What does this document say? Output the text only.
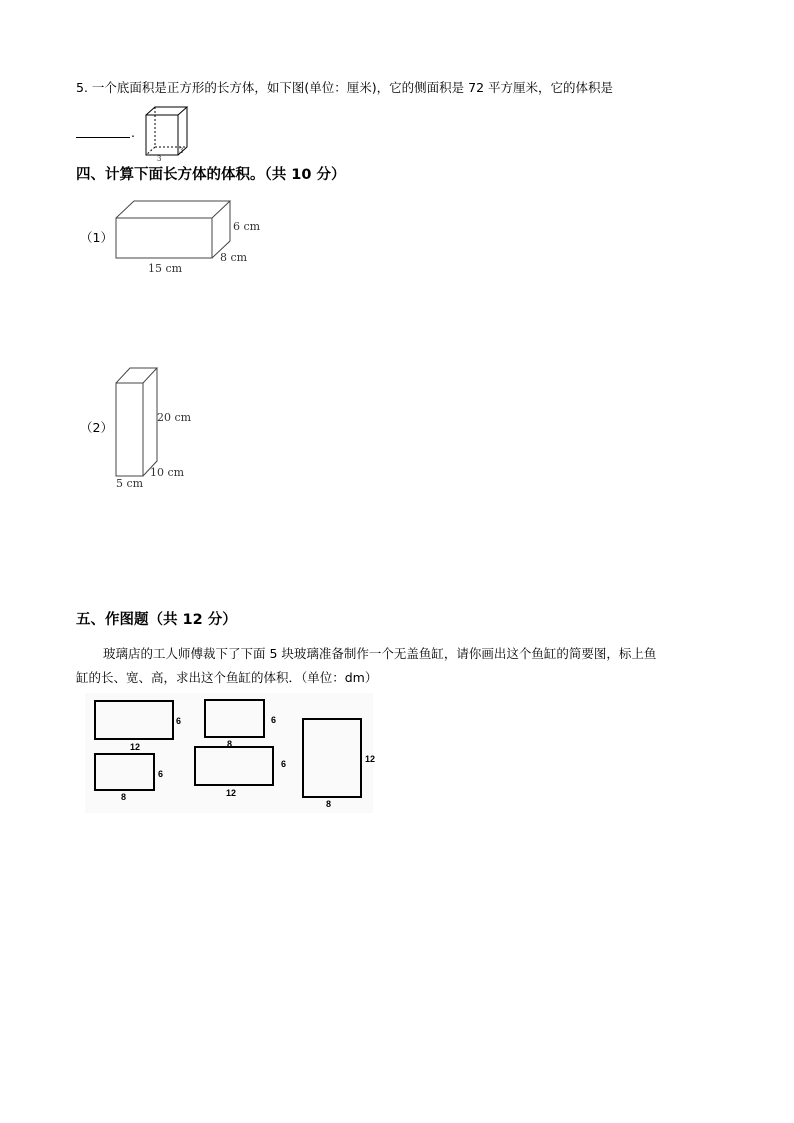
5. 一个底面积是正方形的长方体，如下图(单位：厘米)，它的侧面积是 72 平方厘米，它的体积是
.
3
3
四、计算下面长方体的体积。（共 10 分）
（1）
6 cm
8 cm
15 cm
（2）
20 cm
10 cm
5 cm
五、作图题（共 12 分）
玻璃店的工人师傅裁下了下面 5 块玻璃准备制作一个无盖鱼缸，请你画出这个鱼缸的简要图，标上鱼
缸的长、宽、高，求出这个鱼缸的体积．（单位：dm）
12
6
8
6
8
6
12
6
8
12
